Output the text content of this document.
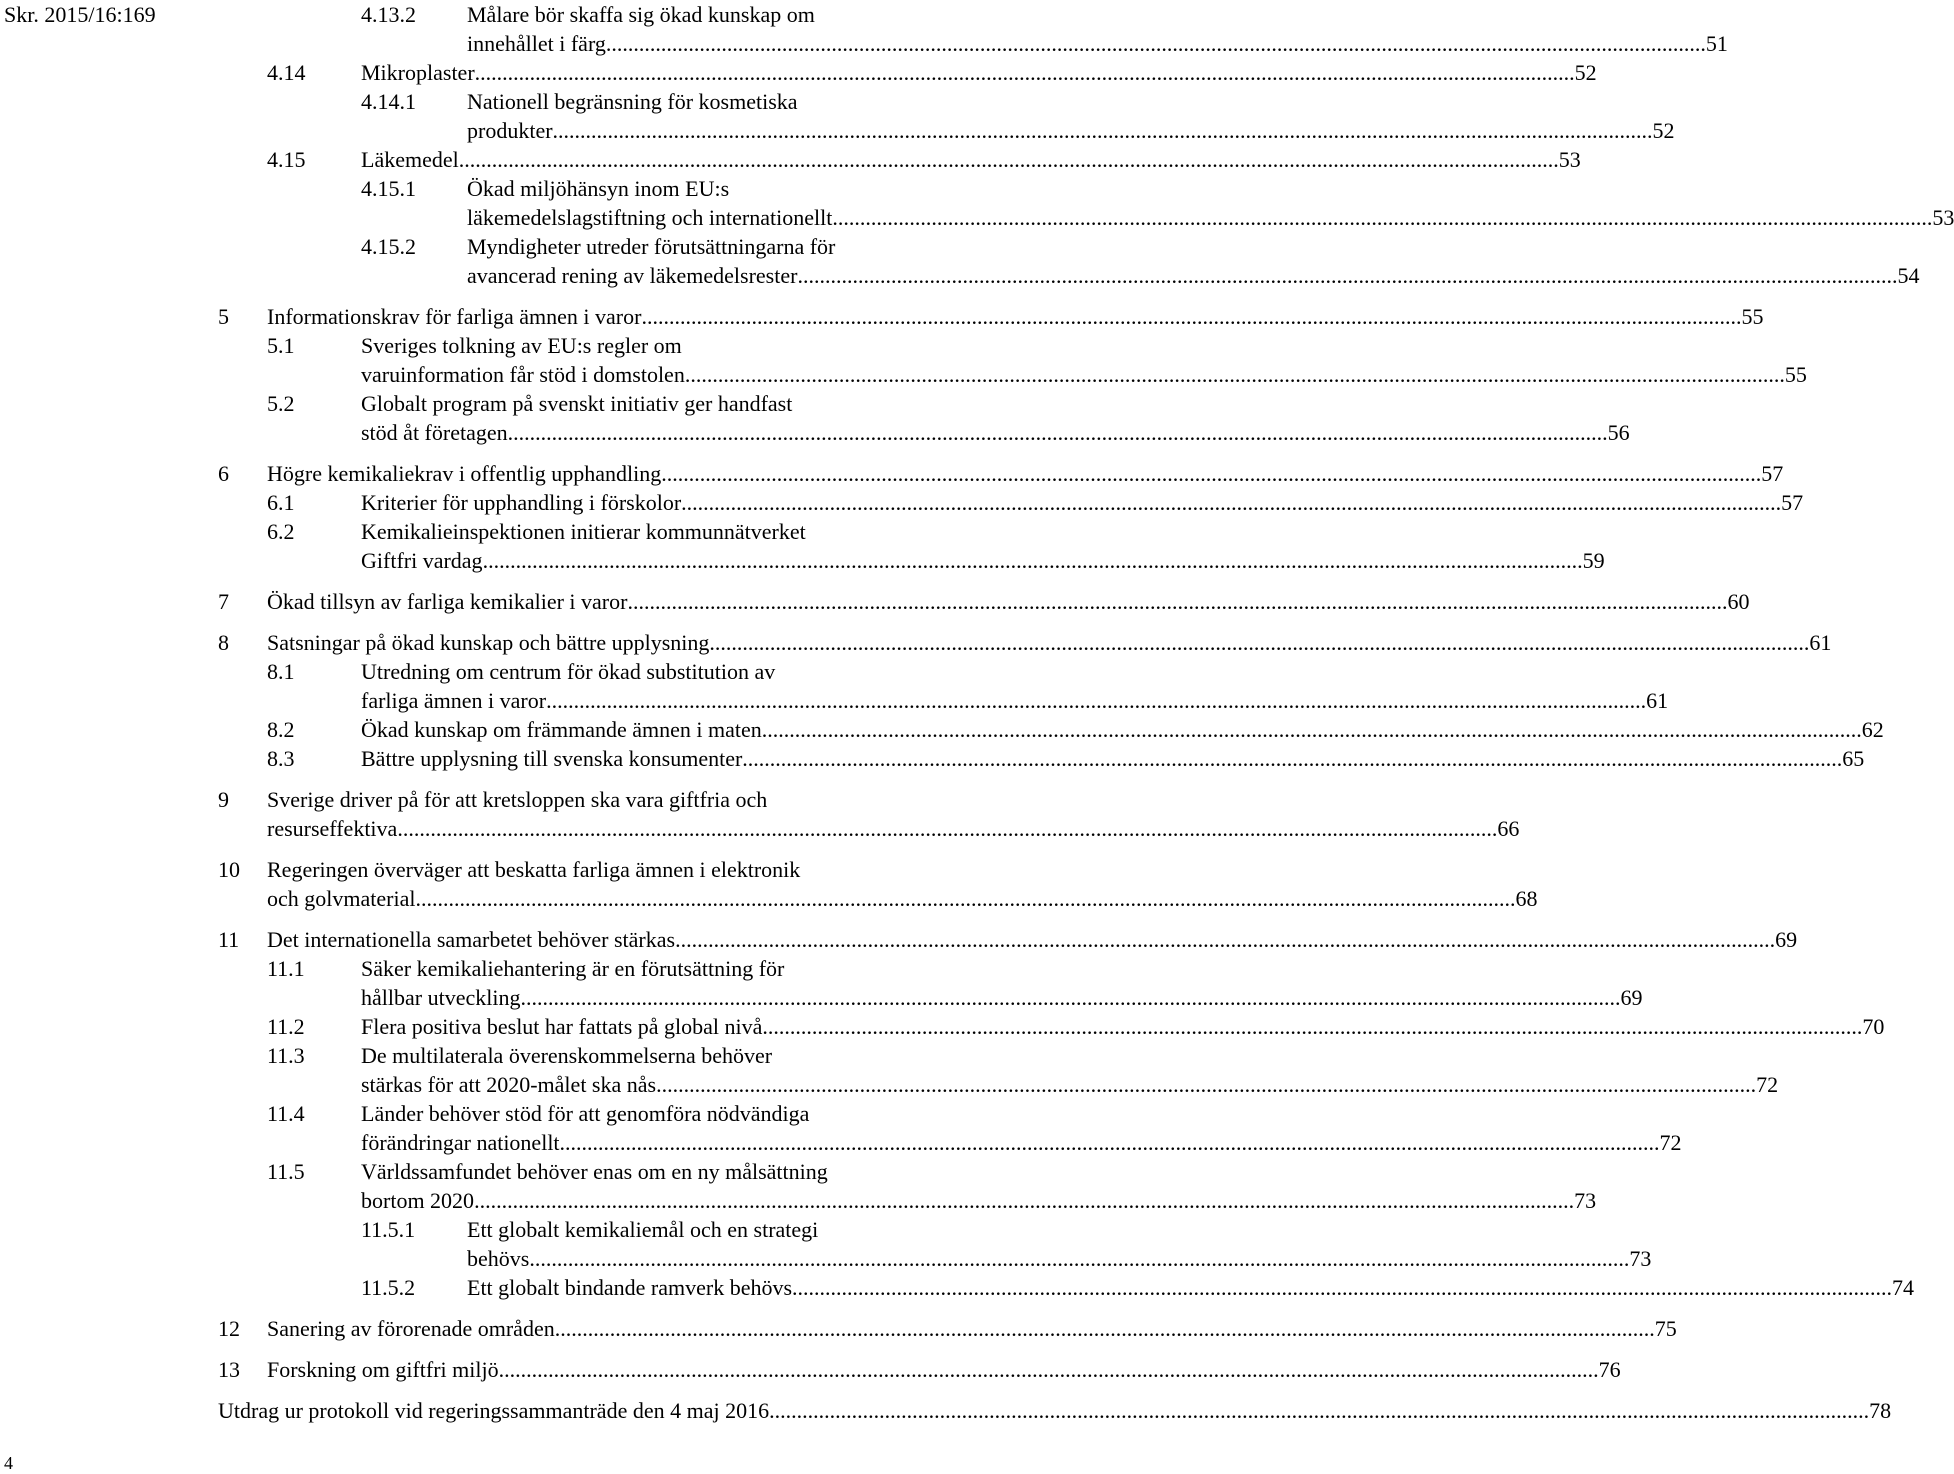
Skr. 2015/16:169	4.13.2 Målare bör skaffa sig ökad kunskap om
innehållet i färg .....	51
4.14	Mikroplaster .....	52
4.14.1 Nationell begränsning för kosmetiska
produkter .....	52
4.15	Läkemedel .....	53
4.15.1 Ökad miljöhänsyn inom EU:s
läkemedelslagstiftning och internationellt .....	53
4.15.2 Myndigheter utreder förutsättningarna för
avancerad rening av läkemedelsrester .....	54
5 Informationskrav för farliga ämnen i varor .....	55
5.1	Sveriges tolkning av EU:s regler om
varuinformation får stöd i domstolen .....	55
5.2	Globalt program på svenskt initiativ ger handfast
stöd åt företagen .....	56
6 Högre kemikaliekrav i offentlig upphandling .....	57
6.1	Kriterier för upphandling i förskolor .....	57
6.2	Kemikalieinspektionen initierar kommunnätverket
Giftfri vardag .....	59
7 Ökad tillsyn av farliga kemikalier i varor .....	60
8 Satsningar på ökad kunskap och bättre upplysning .....	61
8.1	Utredning om centrum för ökad substitution av
farliga ämnen i varor .....	61
8.2	Ökad kunskap om främmande ämnen i maten .....	62
8.3	Bättre upplysning till svenska konsumenter .....	65
9 Sverige driver på för att kretsloppen ska vara giftfria och
resurseffektiva .....	66
10 Regeringen överväger att beskatta farliga ämnen i elektronik
och golvmaterial .....	68
11 Det internationella samarbetet behöver stärkas .....	69
11.1	Säker kemikaliehantering är en förutsättning för
hållbar utveckling .....	69
11.2	Flera positiva beslut har fattats på global nivå .....	70
11.3	De multilaterala överenskommelserna behöver
stärkas för att 2020-målet ska nås .....	72
11.4	Länder behöver stöd för att genomföra nödvändiga
förändringar nationellt .....	72
11.5	Världssamfundet behöver enas om en ny målsättning
bortom 2020 .....	73
11.5.1 Ett globalt kemikaliemål och en strategi
behövs .....	73
11.5.2 Ett globalt bindande ramverk behövs .....	74
12 Sanering av förorenade områden .....	75
13 Forskning om giftfri miljö .....	76
Utdrag ur protokoll vid regeringssammanträde den 4 maj 2016 .....	78
4
